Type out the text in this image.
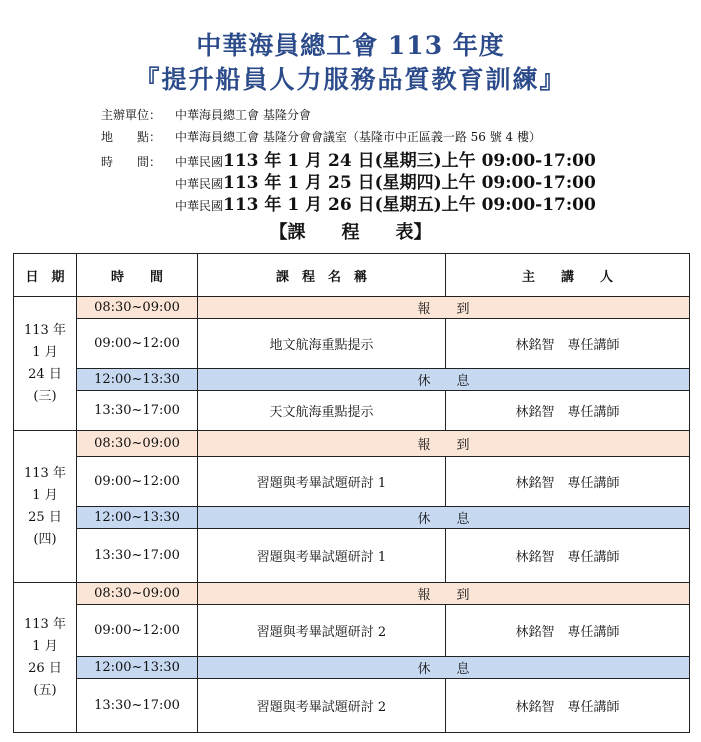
中華海員總工會 113 年度
『提升船員人力服務品質教育訓練』
主辦單位：	中華海員總工會 基隆分會
地　　點：	中華海員總工會 基隆分會會議室（基隆市中正區義一路 56 號 4 樓）
時　　間：	中華民國 113 年 1 月 24 日(星期三)上午 09:00-17:00
中華民國 113 年 1 月 25 日(星期四)上午 09:00-17:00
中華民國 113 年 1 月 26 日(星期五)上午 09:00-17:00
【課　　程　　表】
日　期	時　　間	課　程　名　稱	主　　講　　人

113 年
1 月
24 日
(三)	08:30~09:00	報　　到	
	09:00~12:00	地文航海重點提示	林銘智　專任講師
	12:00~13:30	休　　息	
	13:30~17:00	天文航海重點提示	林銘智　專任講師

113 年
1 月
25 日
(四)	08:30~09:00	報　　到	
	09:00~12:00	習題與考畢試題研討 1	林銘智　專任講師
	12:00~13:30	休　　息	
	13:30~17:00	習題與考畢試題研討 1	林銘智　專任講師

113 年
1 月
26 日
(五)	08:30~09:00	報　　到	
	09:00~12:00	習題與考畢試題研討 2	林銘智　專任講師
	12:00~13:30	休　　息	
	13:30~17:00	習題與考畢試題研討 2	林銘智　專任講師
